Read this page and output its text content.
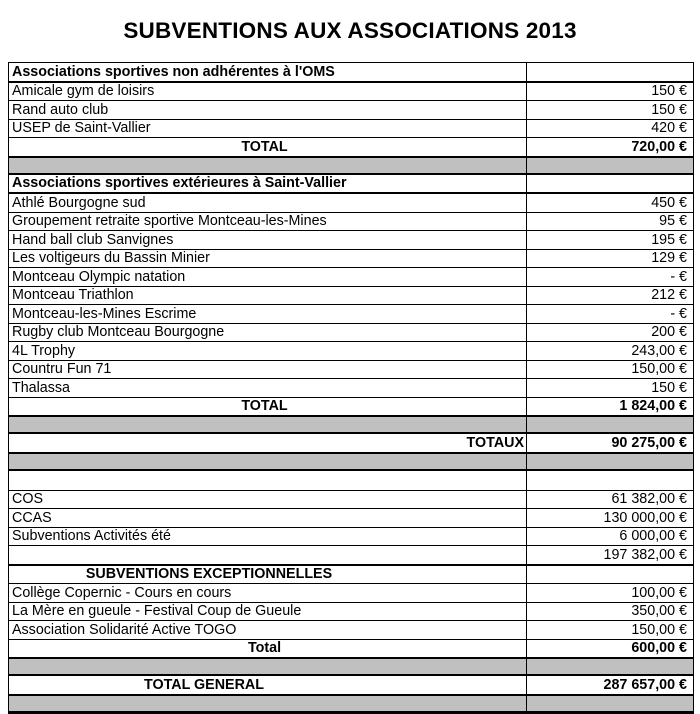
SUBVENTIONS AUX ASSOCIATIONS 2013
Associations sportives non adhérentes à l'OMS	
Amicale gym de loisirs	150 €
Rand auto club	150 €
USEP de Saint-Vallier	420 €
TOTAL	720,00 €

Associations sportives extérieures à Saint-Vallier	
Athlé Bourgogne sud	450 €
Groupement retraite sportive Montceau-les-Mines	95 €
Hand ball club Sanvignes	195 €
Les voltigeurs du Bassin Minier	129 €
Montceau Olympic natation	- €
Montceau Triathlon	212 €
Montceau-les-Mines Escrime	- €
Rugby club Montceau Bourgogne	200 €
4L Trophy	243,00 €
Countru Fun 71	150,00 €
Thalassa	150 €
TOTAL	1 824,00 €

TOTAUX	90 275,00 €

COS	61 382,00 €
CCAS	130 000,00 €
Subventions Activités été	6 000,00 €
	197 382,00 €
SUBVENTIONS EXCEPTIONNELLES	
Collège Copernic - Cours en cours	100,00 €
La Mère en gueule - Festival Coup de Gueule	350,00 €
Association Solidarité Active TOGO	150,00 €
Total	600,00 €

TOTAL GENERAL	287 657,00 €
